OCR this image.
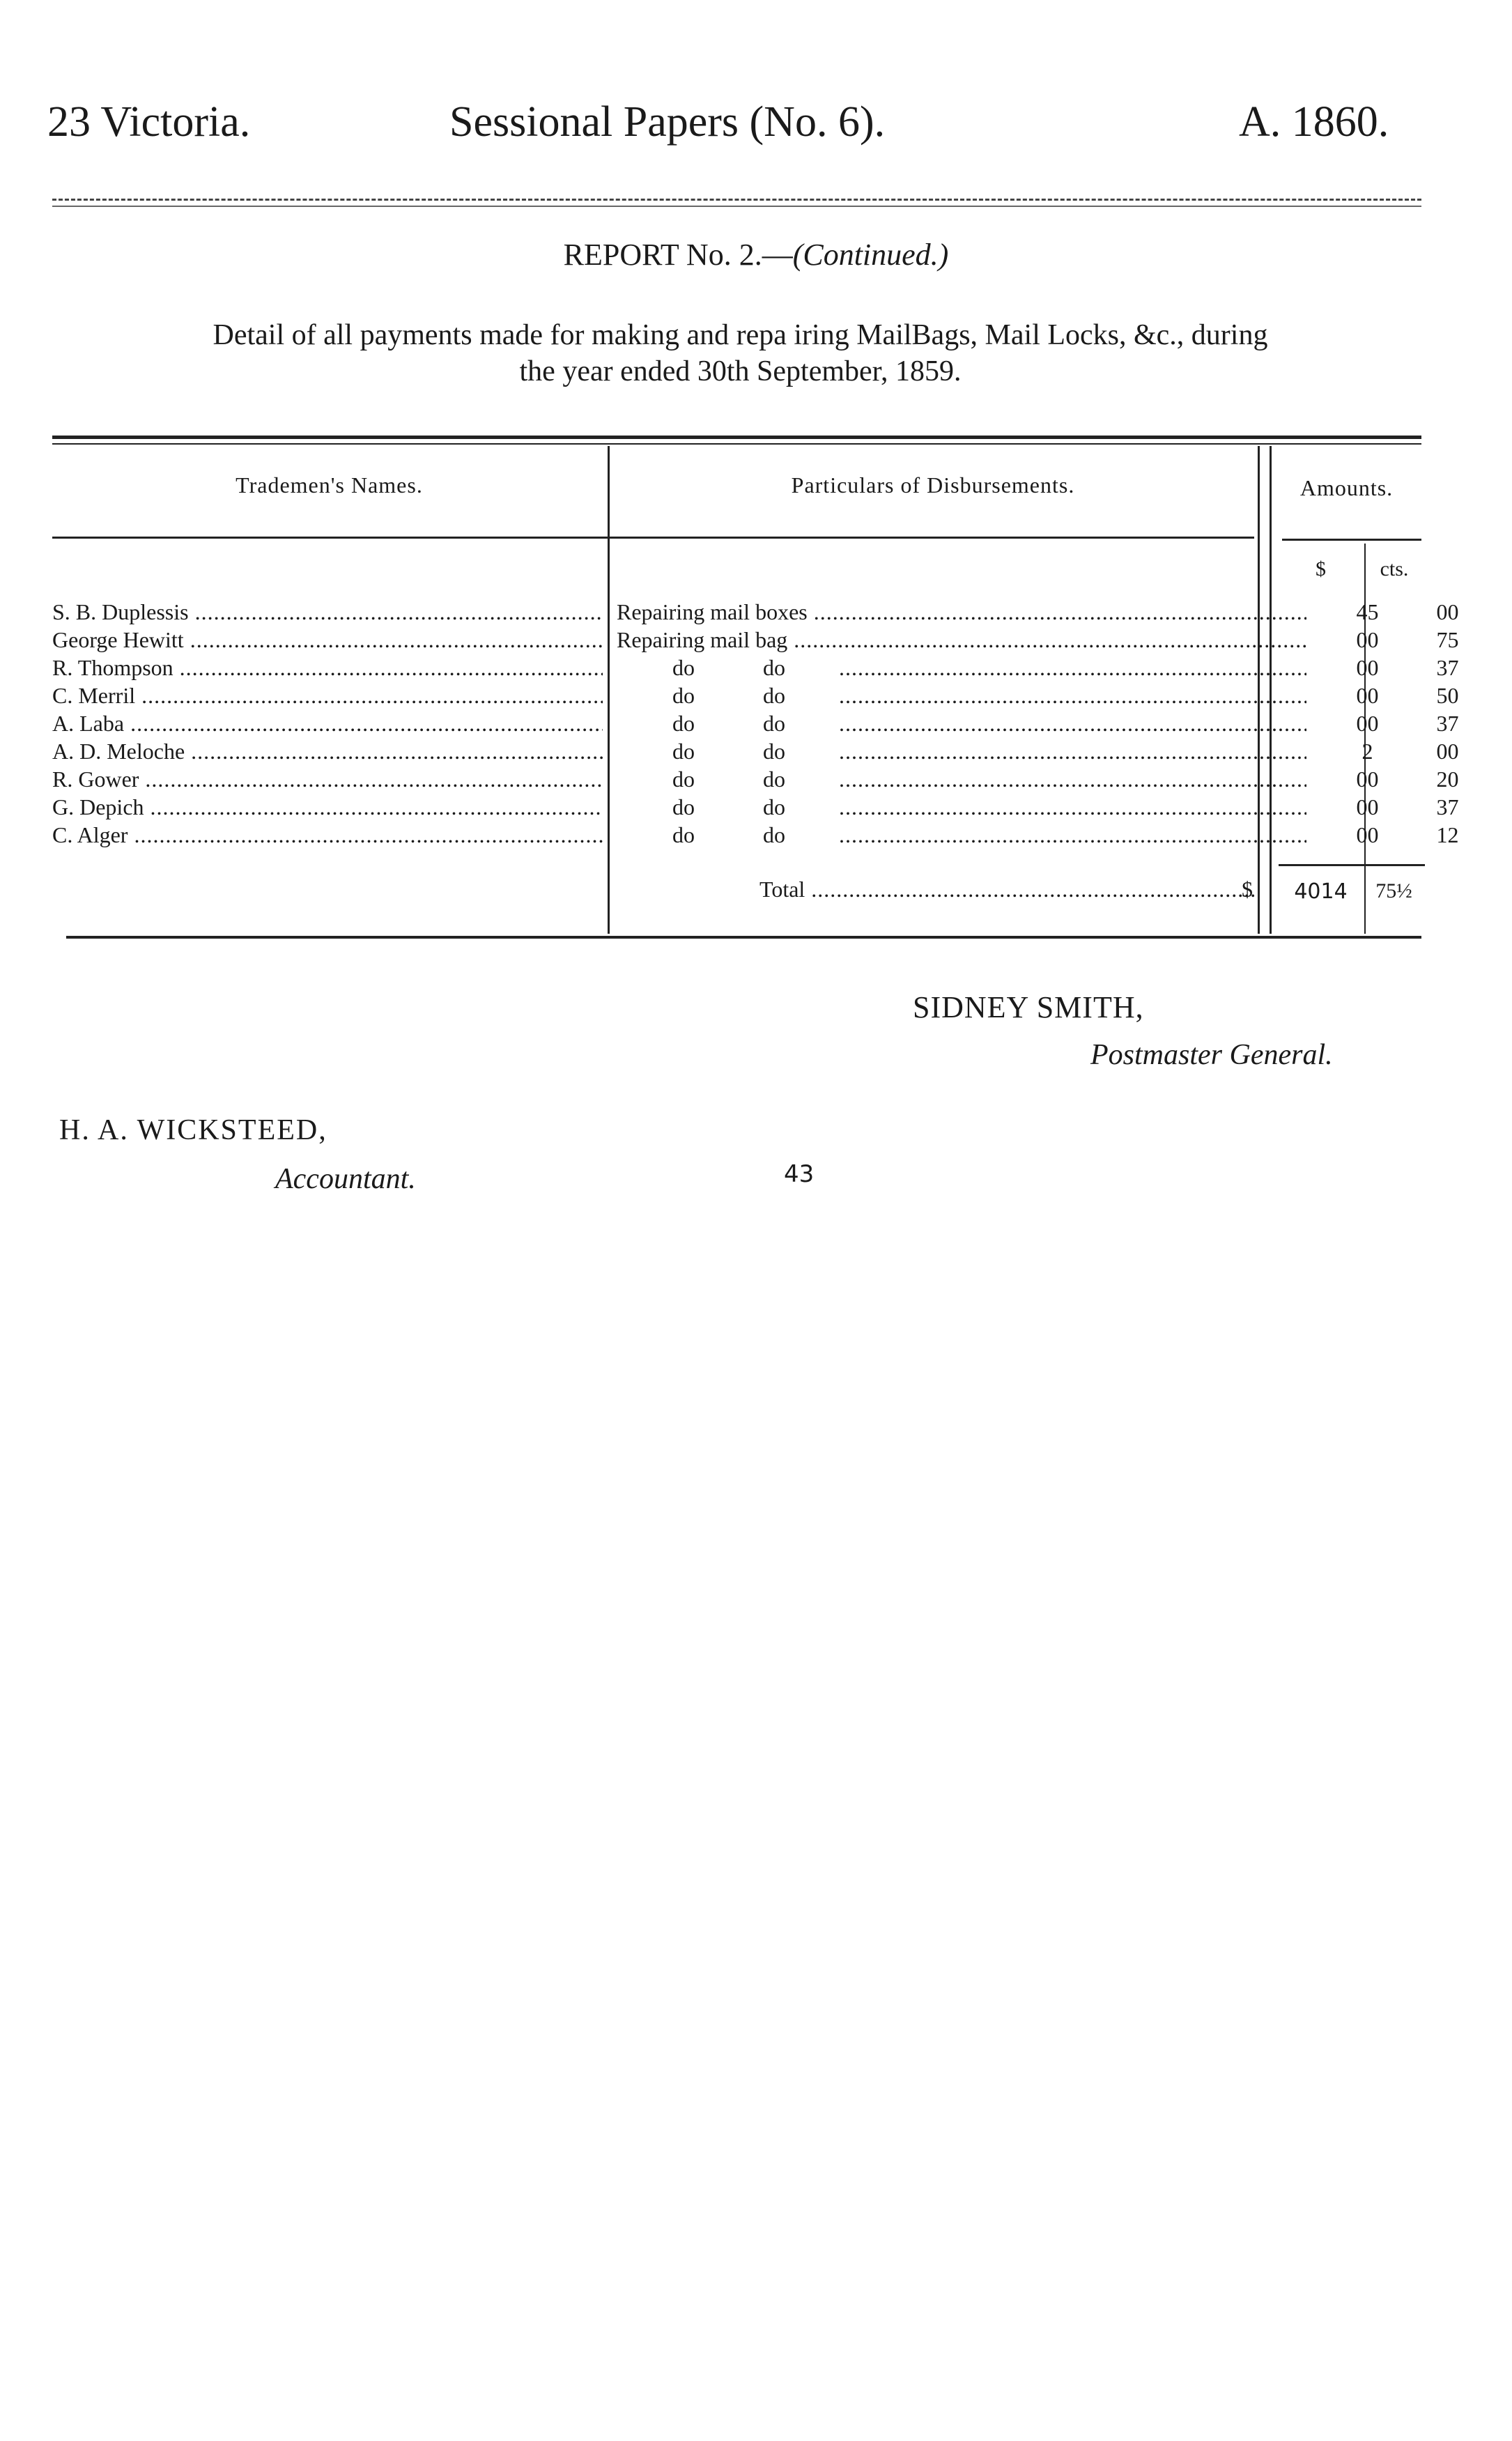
23 Victoria.	Sessional Papers (No. 6).	A. 1860.
REPORT No. 2.—(Continued.)
Detail of all payments made for making and repa iring MailBags, Mail Locks, &c., during
the year ended 30th September, 1859.
Trademen's Names.	Particulars of Disbursements.	Amounts.
$	cts.
S. B. Duplessis .....	Repairing mail boxes .....	45	00
George Hewitt .....	Repairing mail bag .....	00	75
R. Thompson .....	do	do .....	00	37
C. Merril .....	do	do .....	00	50
A. Laba .....	do	do .....	00	37
A. D. Meloche .....	do	do .....	2	00
R. Gower .....	do	do .....	00	20
G. Depich .....	do	do .....	00	37
C. Alger .....	do	do .....	00	12
Total .....	$	4014	75½
SIDNEY SMITH,
Postmaster General.
H. A. WICKSTEED,
Accountant.	43
